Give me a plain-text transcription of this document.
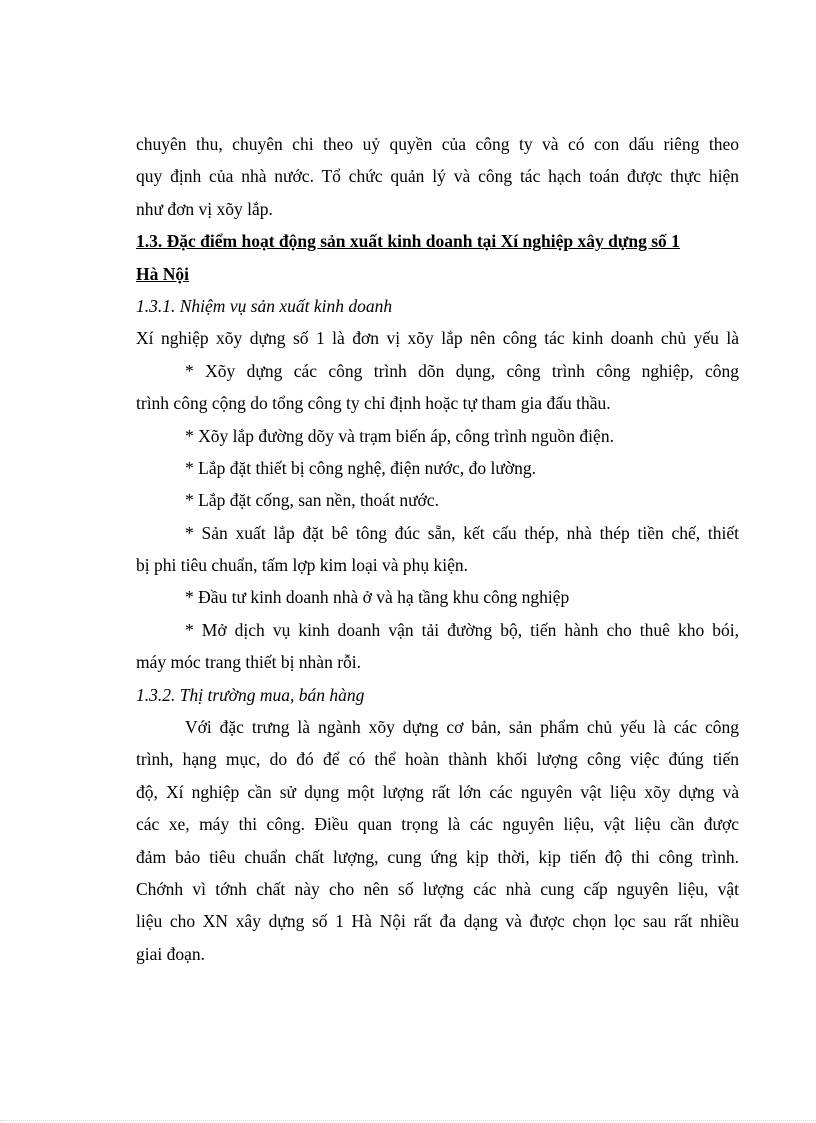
chuyên thu, chuyên chi theo uỷ quyền của công ty và có con dấu riêng theo
quy định của nhà nước. Tổ chức quản lý và công tác hạch toán được thực hiện
như đơn vị xõy lắp.
1.3. Đặc điểm hoạt động sản xuất kinh doanh tại Xí nghiệp xây dựng số 1
Hà Nội
1.3.1. Nhiệm vụ sản xuất kinh doanh
Xí nghiệp xõy dựng số 1 là đơn vị xõy lắp nên công tác kinh doanh chủ yếu là
* Xõy dựng các công trình dõn dụng, công trình công nghiệp, công
trình công cộng do tổng công ty chỉ định hoặc tự tham gia đấu thầu.
* Xõy lắp đường dõy và trạm biến áp, công trình nguồn điện.
* Lắp đặt thiết bị công nghệ, điện nước, đo lường.
* Lắp đặt cống, san nền, thoát nước.
* Sản xuất lắp đặt bê tông đúc sẵn, kết cấu thép, nhà thép tiền chế, thiết
bị phi tiêu chuẩn, tấm lợp kim loại và phụ kiện.
* Đầu tư kinh doanh nhà ở và hạ tầng khu công nghiệp
* Mở dịch vụ kinh doanh vận tải đường bộ, tiến hành cho thuê kho bói,
máy móc trang thiết bị nhàn rỗi.
1.3.2. Thị trường mua, bán hàng
Với đặc trưng là ngành xõy dựng cơ bản, sản phẩm chủ yếu là các công
trình, hạng mục, do đó để có thể hoàn thành khối lượng công việc đúng tiến
độ, Xí nghiệp cần sử dụng một lượng rất lớn các nguyên vật liệu xõy dựng và
các xe, máy thi công. Điều quan trọng là các nguyên liệu, vật liệu cần được
đảm bảo tiêu chuẩn chất lượng, cung ứng kịp thời, kịp tiến độ thi công trình.
Chớnh vì tớnh chất này cho nên số lượng các nhà cung cấp nguyên liệu, vật
liệu cho XN xây dựng số 1 Hà Nội rất đa dạng và được chọn lọc sau rất nhiều
giai đoạn.
